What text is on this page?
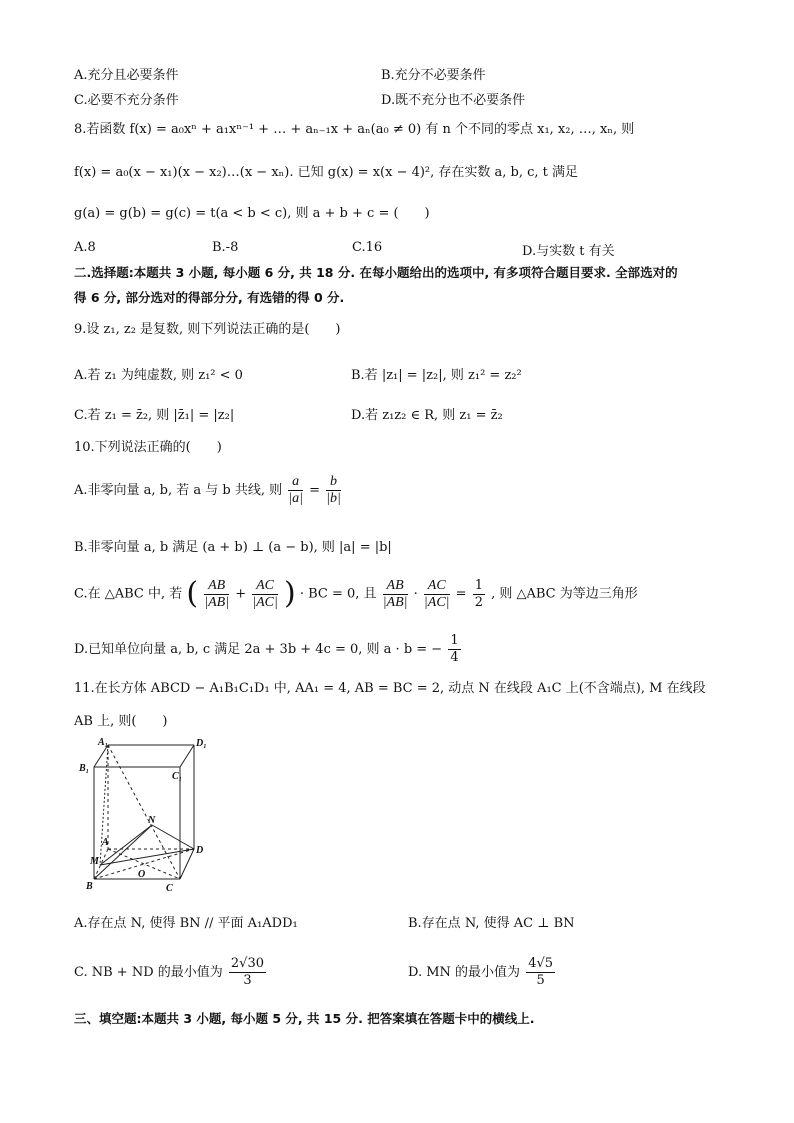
A.充分且必要条件	B.充分不必要条件
C.必要不充分条件	D.既不充分也不必要条件
8.若函数 f(x) = a₀xⁿ + a₁xⁿ⁻¹ + … + aₙ₋₁x + aₙ(a₀ ≠ 0) 有 n 个不同的零点 x₁, x₂, …, xₙ, 则
f(x) = a₀(x − x₁)(x − x₂)…(x − xₙ). 已知 g(x) = x(x − 4)², 存在实数 a, b, c, t 满足
g(a) = g(b) = g(c) = t(a < b < c), 则 a + b + c = (　　)
A.8	B.-8	C.16	D.与实数 t 有关
二.选择题:本题共 3 小题, 每小题 6 分, 共 18 分. 在每小题给出的选项中, 有多项符合题目要求. 全部选对的
得 6 分, 部分选对的得部分分, 有选错的得 0 分.
9.设 z₁, z₂ 是复数, 则下列说法正确的是(　　)
A.若 z₁ 为纯虚数, 则 z₁² < 0	B.若 |z₁| = |z₂|, 则 z₁² = z₂²
C.若 z₁ = z̄₂, 则 |z̄₁| = |z₂|	D.若 z₁z₂ ∈ R, 则 z₁ = z̄₂
10.下列说法正确的(　　)
A.非零向量 a, b, 若 a 与 b 共线, 则 $\frac{a}{|a|} = \frac{b}{|b|}$
B.非零向量 a, b 满足 (a + b) ⊥ (a − b), 则 |a| = |b|
C.在 △ABC 中, 若 ( $\frac{AB}{|AB|} + \frac{AC}{|AC|}$ ) · BC = 0, 且 $\frac{AB}{|AB|} \cdot \frac{AC}{|AC|} = \frac{1}{2}$ , 则 △ABC 为等边三角形
D.已知单位向量 a, b, c 满足 2a + 3b + 4c = 0, 则 a · b = − $\frac{1}{4}$
11.在长方体 ABCD − A₁B₁C₁D₁ 中, AA₁ = 4, AB = BC = 2, 动点 N 在线段 A₁C 上(不含端点), M 在线段
AB 上, 则(　　)
A₁	D₁
B₁
C₁
A
D
B	C
N
M
O
A.存在点 N, 使得 BN // 平面 A₁ADD₁	B.存在点 N, 使得 AC ⊥ BN
C. NB + ND 的最小值为 $\frac{2√30}{3}$	D. MN 的最小值为 $\frac{4√5}{5}$
三、填空题:本题共 3 小题, 每小题 5 分, 共 15 分. 把答案填在答题卡中的横线上.
